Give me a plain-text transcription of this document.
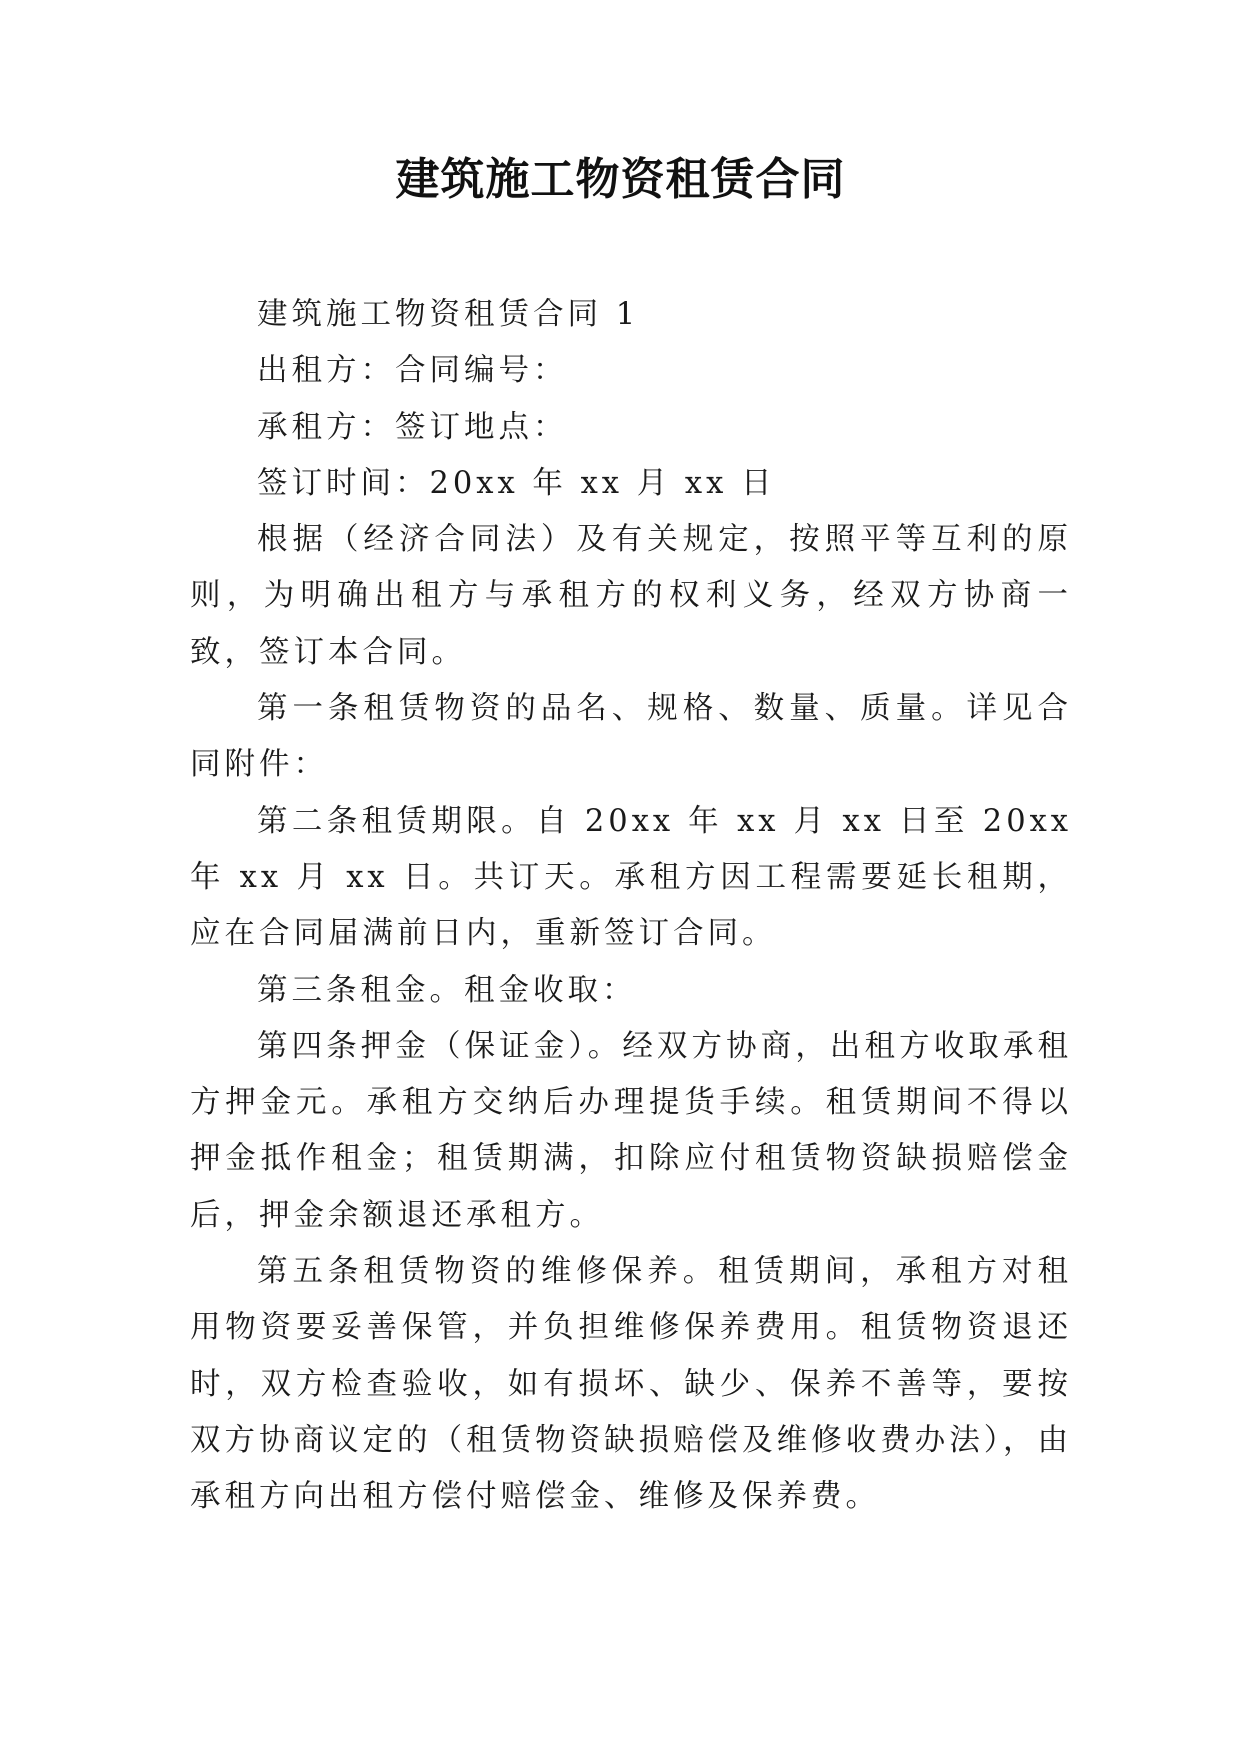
建筑施工物资租赁合同

建筑施工物资租赁合同 1

出租方：合同编号：

承租方：签订地点：

签订时间：20xx 年 xx 月 xx 日

根据（经济合同法）及有关规定，按照平等互利的原则，为明确出租方与承租方的权利义务，经双方协商一致，签订本合同。

第一条租赁物资的品名、规格、数量、质量。详见合同附件：

第二条租赁期限。自 20xx 年 xx 月 xx 日至 20xx 年 xx 月 xx 日。共订天。承租方因工程需要延长租期，应在合同届满前日内，重新签订合同。

第三条租金。租金收取：

第四条押金（保证金）。经双方协商，出租方收取承租方押金元。承租方交纳后办理提货手续。租赁期间不得以押金抵作租金；租赁期满，扣除应付租赁物资缺损赔偿金后，押金余额退还承租方。

第五条租赁物资的维修保养。租赁期间，承租方对租用物资要妥善保管，并负担维修保养费用。租赁物资退还时，双方检查验收，如有损坏、缺少、保养不善等，要按双方协商议定的（租赁物资缺损赔偿及维修收费办法），由承租方向出租方偿付赔偿金、维修及保养费。
